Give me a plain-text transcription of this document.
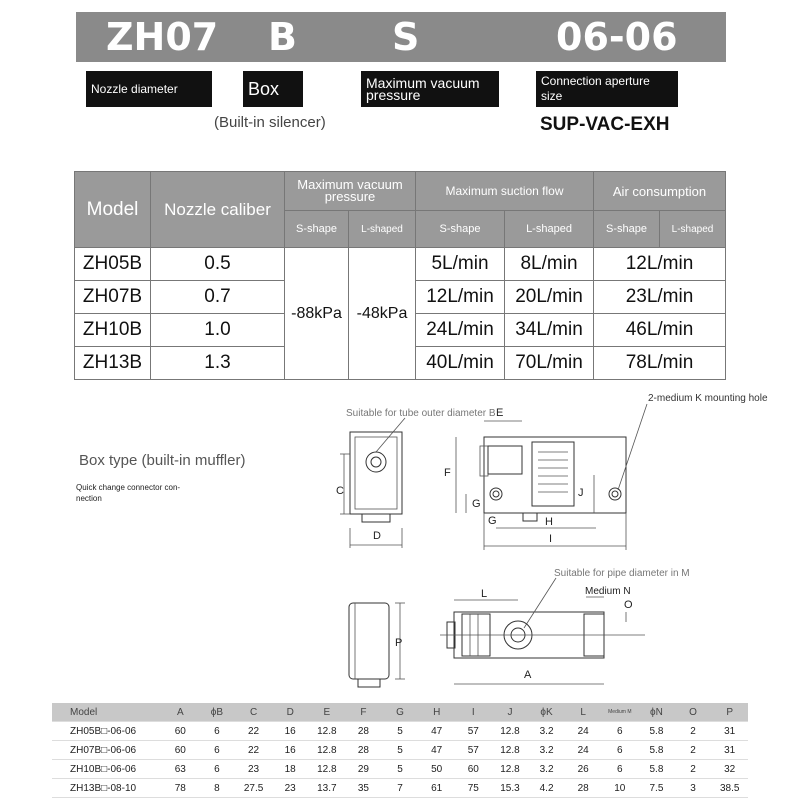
ZH07 B	S	06-06
Nozzle diameter	Box	Maximum vacuum pressure
Connection aperture size
(Built-in silencer)	SUP-VAC-EXH
Model	Nozzle caliber	Maximum vacuum pressure		Maximum suction flow		Air consumption	
		S-shape	L-shaped	S-shape	L-shaped	S-shape	L-shaped
ZH05B	0.5	-88kPa	-48kPa	5L/min	8L/min	12L/min	
ZH07B	0.7			12L/min	20L/min	23L/min	
ZH10B	1.0			24L/min	34L/min	46L/min	
ZH13B	1.3			40L/min	70L/min	78L/min	
Box type (built-in muffler)
Quick change connector con-
nection
C
D
Suitable for tube outer diameter B E
F
G
G	H
I
J
2-medium K mounting hole
P
L
A
O
Suitable for pipe diameter in M
Medium N
Model	A	ϕB	C	D	E	F	G	H	I	J	ϕK	L	Medium M	ϕN	O	P
ZH05B□-06-06	60	6	22	16	12.8	28	5	47	57	12.8	3.2	24	6	5.8	2	31
ZH07B□-06-06	60	6	22	16	12.8	28	5	47	57	12.8	3.2	24	6	5.8	2	31
ZH10B□-06-06	63	6	23	18	12.8	29	5	50	60	12.8	3.2	26	6	5.8	2	32
ZH13B□-08-10	78	8	27.5	23	13.7	35	7	61	75	15.3	4.2	28	10	7.5	3	38.5
